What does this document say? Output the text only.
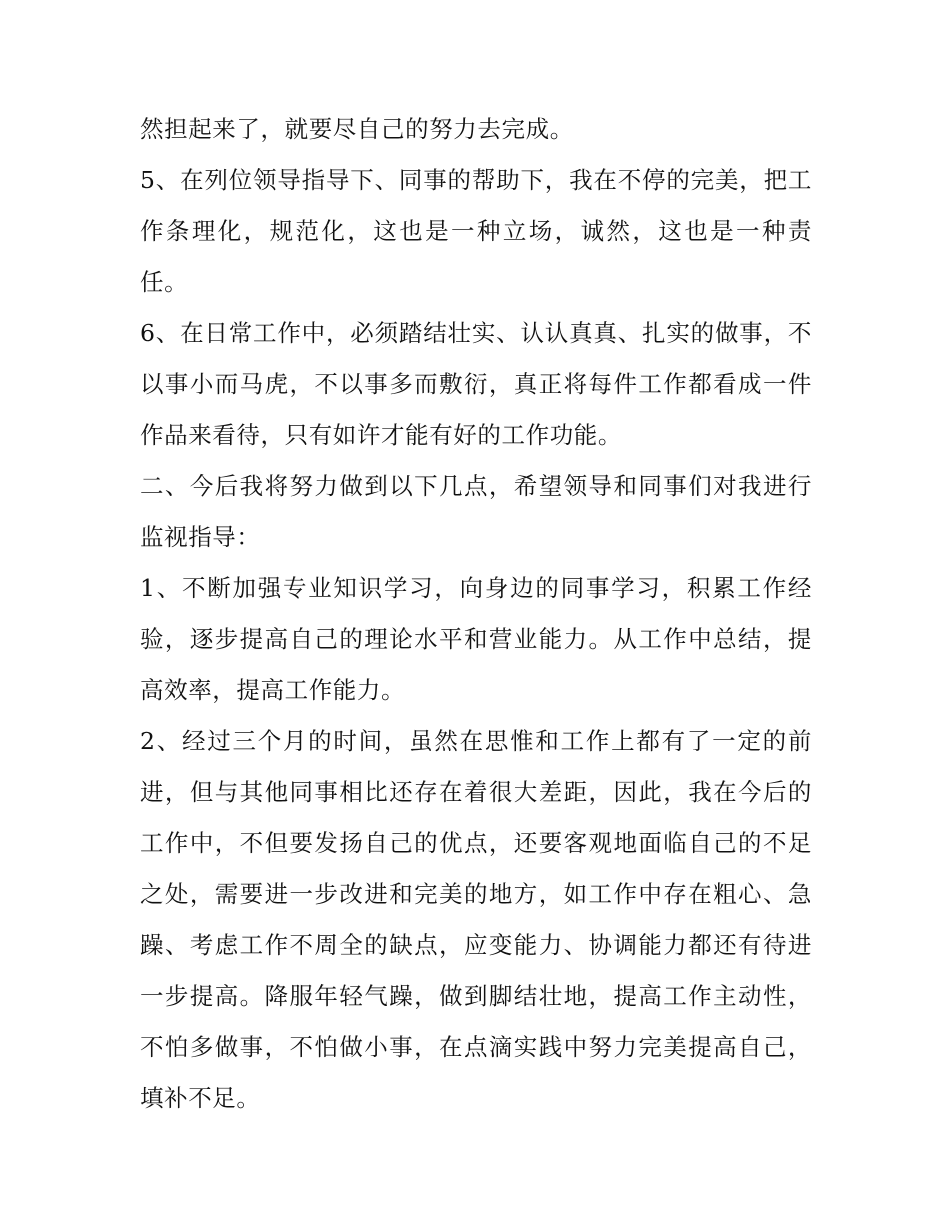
然担起来了，就要尽自己的努力去完成。

5、在列位领导指导下、同事的帮助下，我在不停的完美，把工作条理化，规范化，这也是一种立场，诚然，这也是一种责任。

6、在日常工作中，必须踏结壮实、认认真真、扎实的做事，不以事小而马虎，不以事多而敷衍，真正将每件工作都看成一件作品来看待，只有如许才能有好的工作功能。

二、今后我将努力做到以下几点，希望领导和同事们对我进行监视指导：

1、不断加强专业知识学习，向身边的同事学习，积累工作经验，逐步提高自己的理论水平和营业能力。从工作中总结，提高效率，提高工作能力。

2、经过三个月的时间，虽然在思惟和工作上都有了一定的前进，但与其他同事相比还存在着很大差距，因此，我在今后的工作中，不但要发扬自己的优点，还要客观地面临自己的不足之处，需要进一步改进和完美的地方，如工作中存在粗心、急躁、考虑工作不周全的缺点，应变能力、协调能力都还有待进一步提高。降服年轻气躁，做到脚结壮地，提高工作主动性，不怕多做事，不怕做小事，在点滴实践中努力完美提高自己，填补不足。
